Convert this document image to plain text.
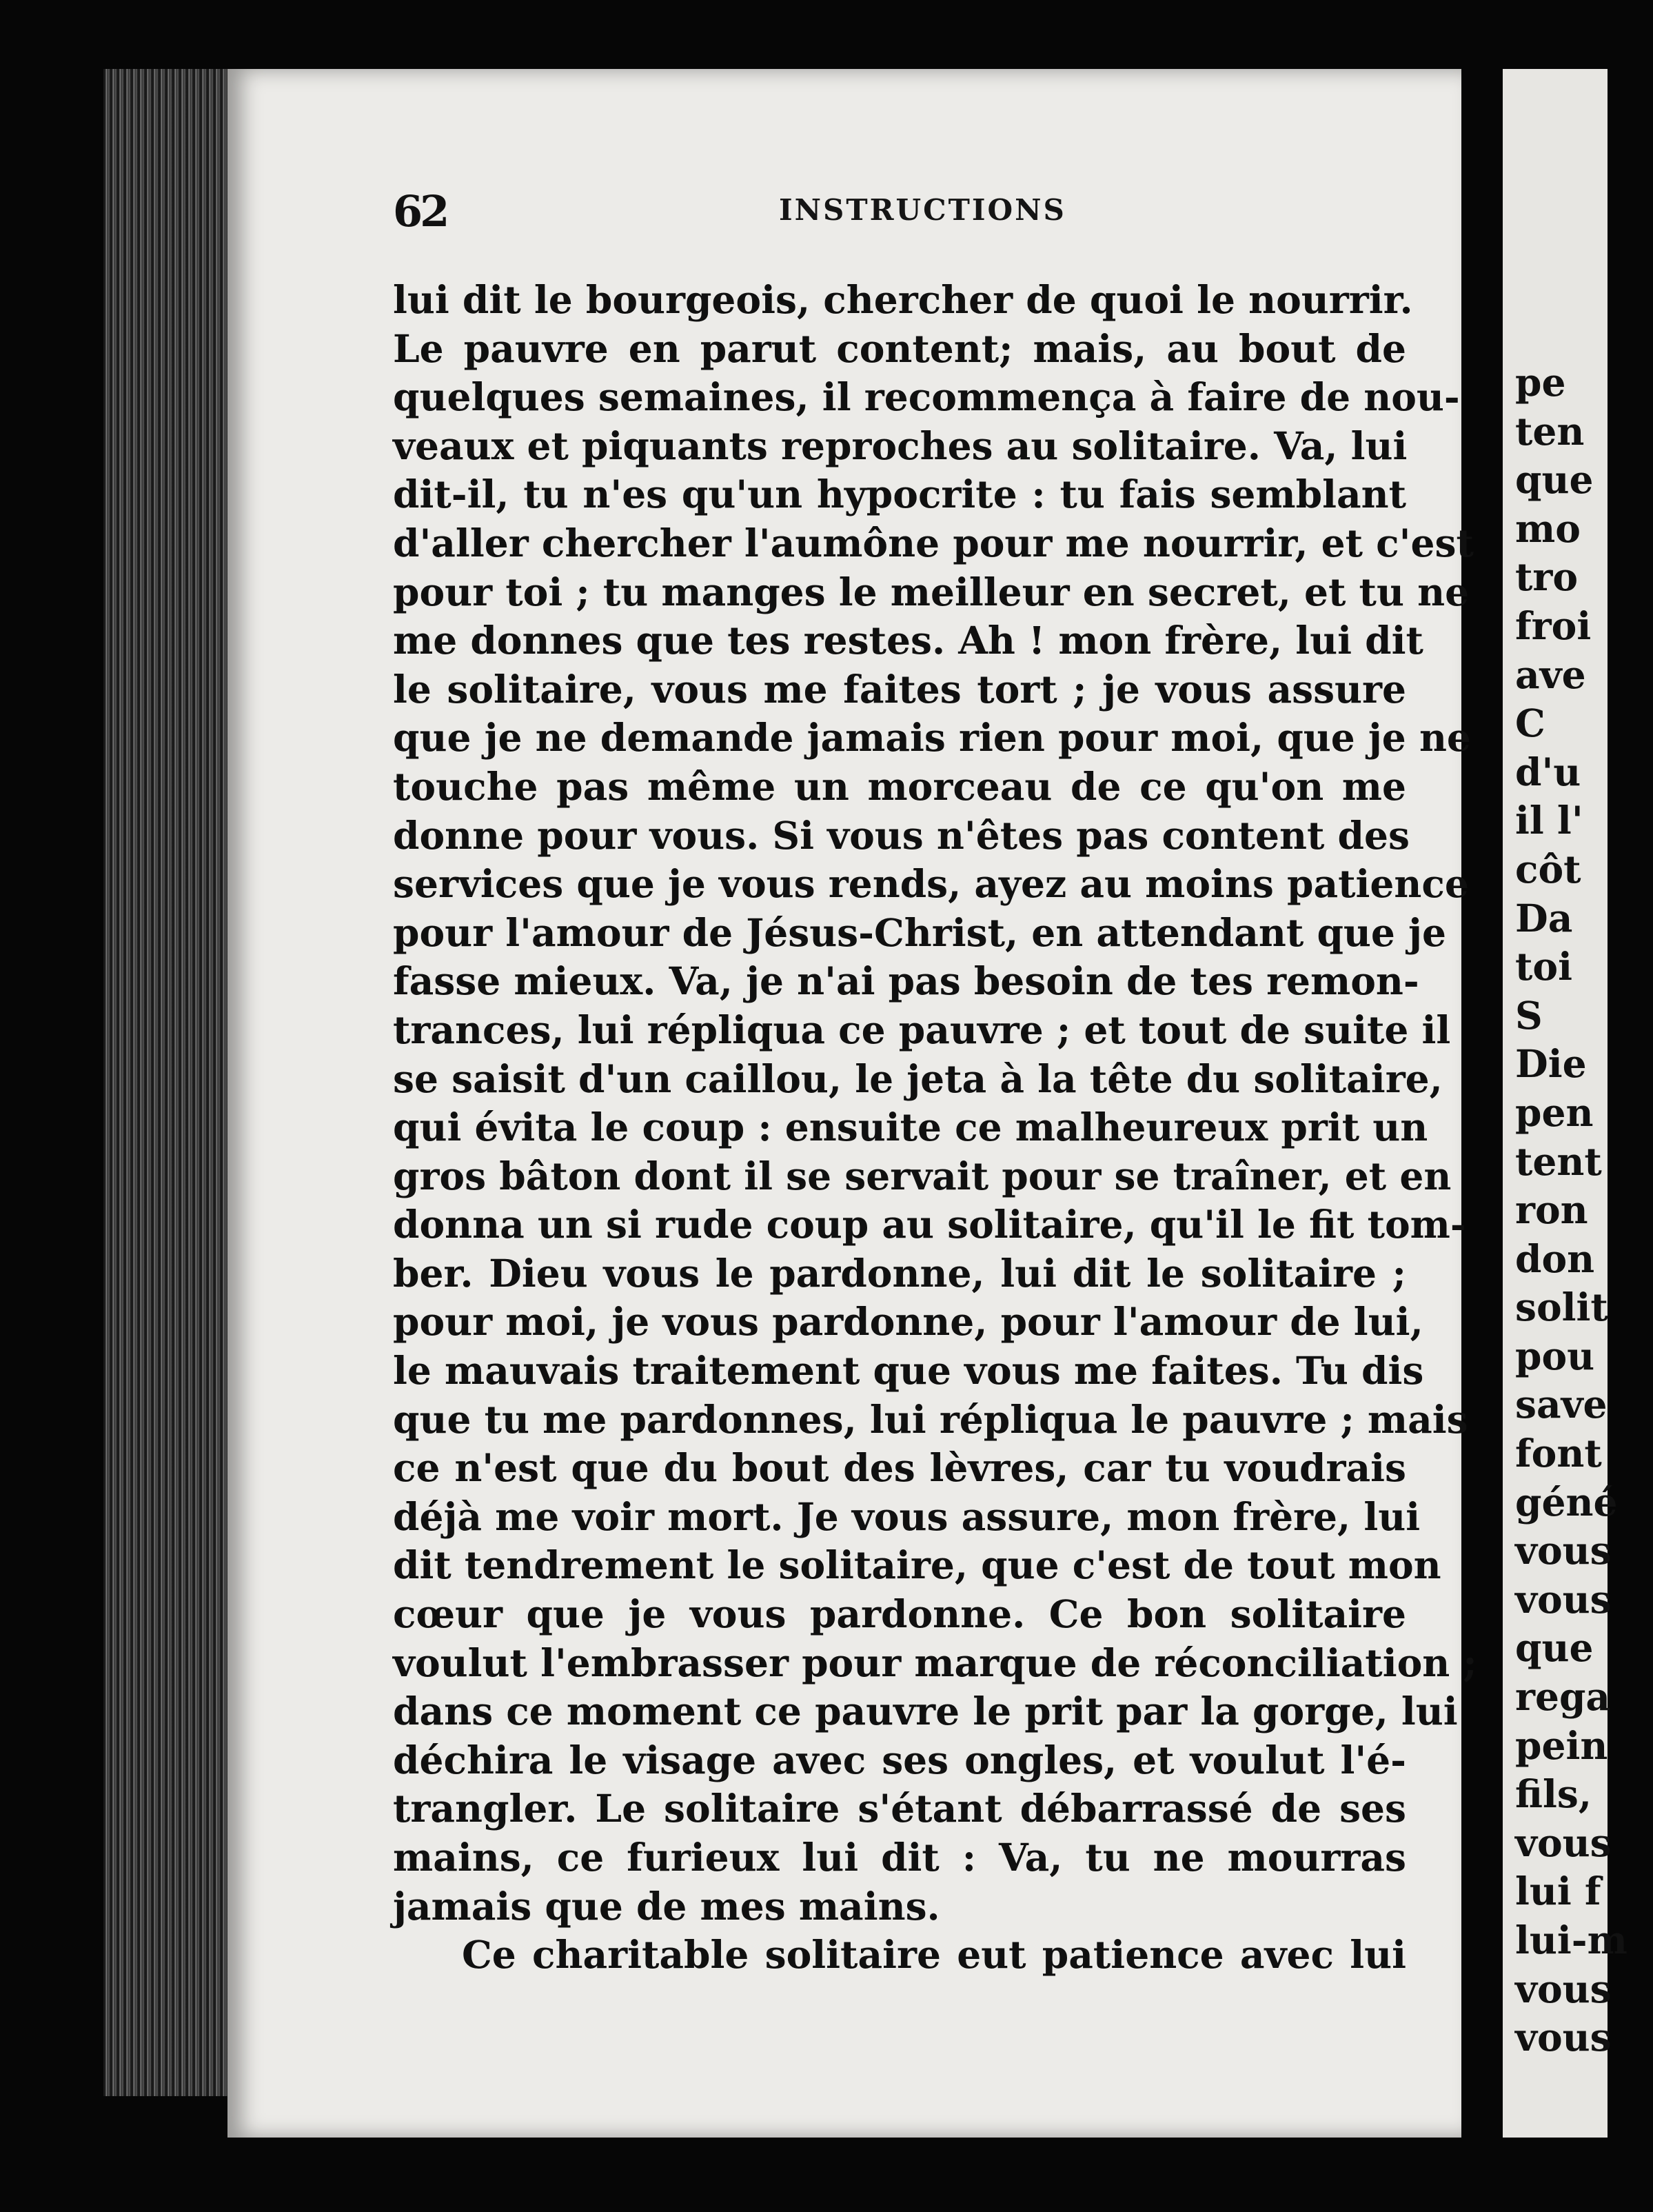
62	INSTRUCTIONS
lui dit le bourgeois, chercher de quoi le nourrir.
Le pauvre en parut content; mais, au bout de
quelques semaines, il recommença à faire de nou-
veaux et piquants reproches au solitaire. Va, lui
dit-il, tu n'es qu'un hypocrite : tu fais semblant
d'aller chercher l'aumône pour me nourrir, et c'est
pour toi ; tu manges le meilleur en secret, et tu ne
me donnes que tes restes. Ah ! mon frère, lui dit
le solitaire, vous me faites tort ; je vous assure
que je ne demande jamais rien pour moi, que je ne
touche pas même un morceau de ce qu'on me
donne pour vous. Si vous n'êtes pas content des
services que je vous rends, ayez au moins patience
pour l'amour de Jésus-Christ, en attendant que je
fasse mieux. Va, je n'ai pas besoin de tes remon-
trances, lui répliqua ce pauvre ; et tout de suite il
se saisit d'un caillou, le jeta à la tête du solitaire,
qui évita le coup : ensuite ce malheureux prit un
gros bâton dont il se servait pour se traîner, et en
donna un si rude coup au solitaire, qu'il le fit tom-
ber. Dieu vous le pardonne, lui dit le solitaire ;
pour moi, je vous pardonne, pour l'amour de lui,
le mauvais traitement que vous me faites. Tu dis
que tu me pardonnes, lui répliqua le pauvre ; mais
ce n'est que du bout des lèvres, car tu voudrais
déjà me voir mort. Je vous assure, mon frère, lui
dit tendrement le solitaire, que c'est de tout mon
cœur que je vous pardonne. Ce bon solitaire
voulut l'embrasser pour marque de réconciliation ;
dans ce moment ce pauvre le prit par la gorge, lui
déchira le visage avec ses ongles, et voulut l'é-
trangler. Le solitaire s'étant débarrassé de ses
mains, ce furieux lui dit : Va, tu ne mourras
jamais que de mes mains.
Ce charitable solitaire eut patience avec lui
pe
ten
que
mo
tro
froi
ave
C
d'u
il l'
côt
Da
toi
S
Die
pen
tent
ron
don
solit
pou
save
font
géné
vous
vous
que
rega
pein
fils,
vous
lui f
lui-m
vous
vous
